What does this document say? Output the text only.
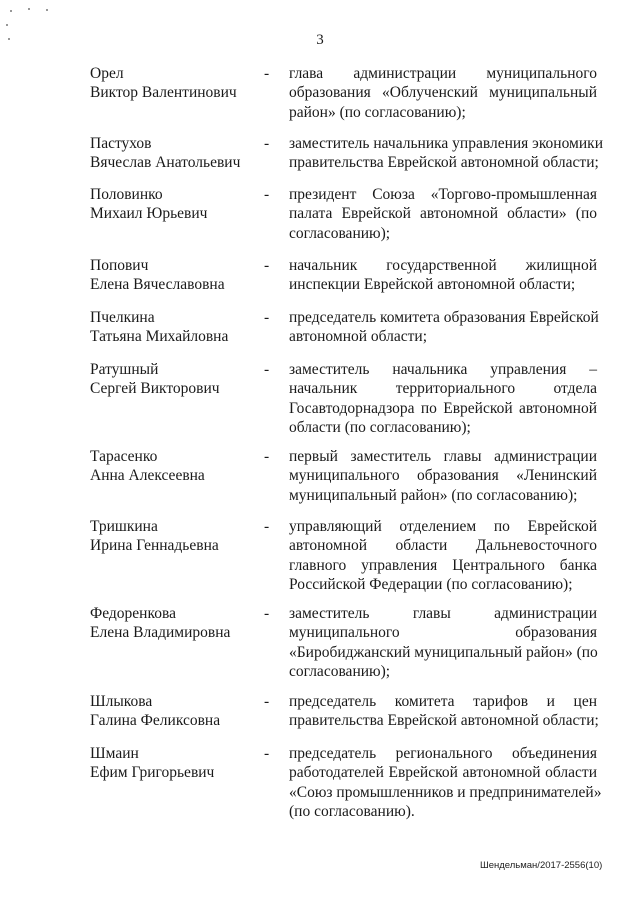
3
Орел
Виктор Валентинович
- глава администрации муниципального
образования «Облученский муниципальный
район» (по согласованию);
Пастухов
Вячеслав Анатольевич
- заместитель начальника управления экономики
правительства Еврейской автономной области;
Половинко
Михаил Юрьевич
- президент Союза «Торгово-промышленная
палата Еврейской автономной области» (по
согласованию);
Попович
Елена Вячеславовна
- начальник государственной жилищной
инспекции Еврейской автономной области;
Пчелкина
Татьяна Михайловна
- председатель комитета образования Еврейской
автономной области;
Ратушный
Сергей Викторович
- заместитель начальника управления –
начальник территориального отдела
Госавтодорнадзора по Еврейской автономной
области (по согласованию);
Тарасенко
Анна Алексеевна
- первый заместитель главы администрации
муниципального образования «Ленинский
муниципальный район» (по согласованию);
Тришкина
Ирина Геннадьевна
- управляющий отделением по Еврейской
автономной области Дальневосточного
главного управления Центрального банка
Российской Федерации (по согласованию);
Федоренкова
Елена Владимировна
- заместитель главы администрации
муниципального образования
«Биробиджанский муниципальный район» (по
согласованию);
Шлыкова
Галина Феликсовна
- председатель комитета тарифов и цен
правительства Еврейской автономной области;
Шмаин
Ефим Григорьевич
- председатель регионального объединения
работодателей Еврейской автономной области
«Союз промышленников и предпринимателей»
(по согласованию).
Шендельман/2017-2556(10)
